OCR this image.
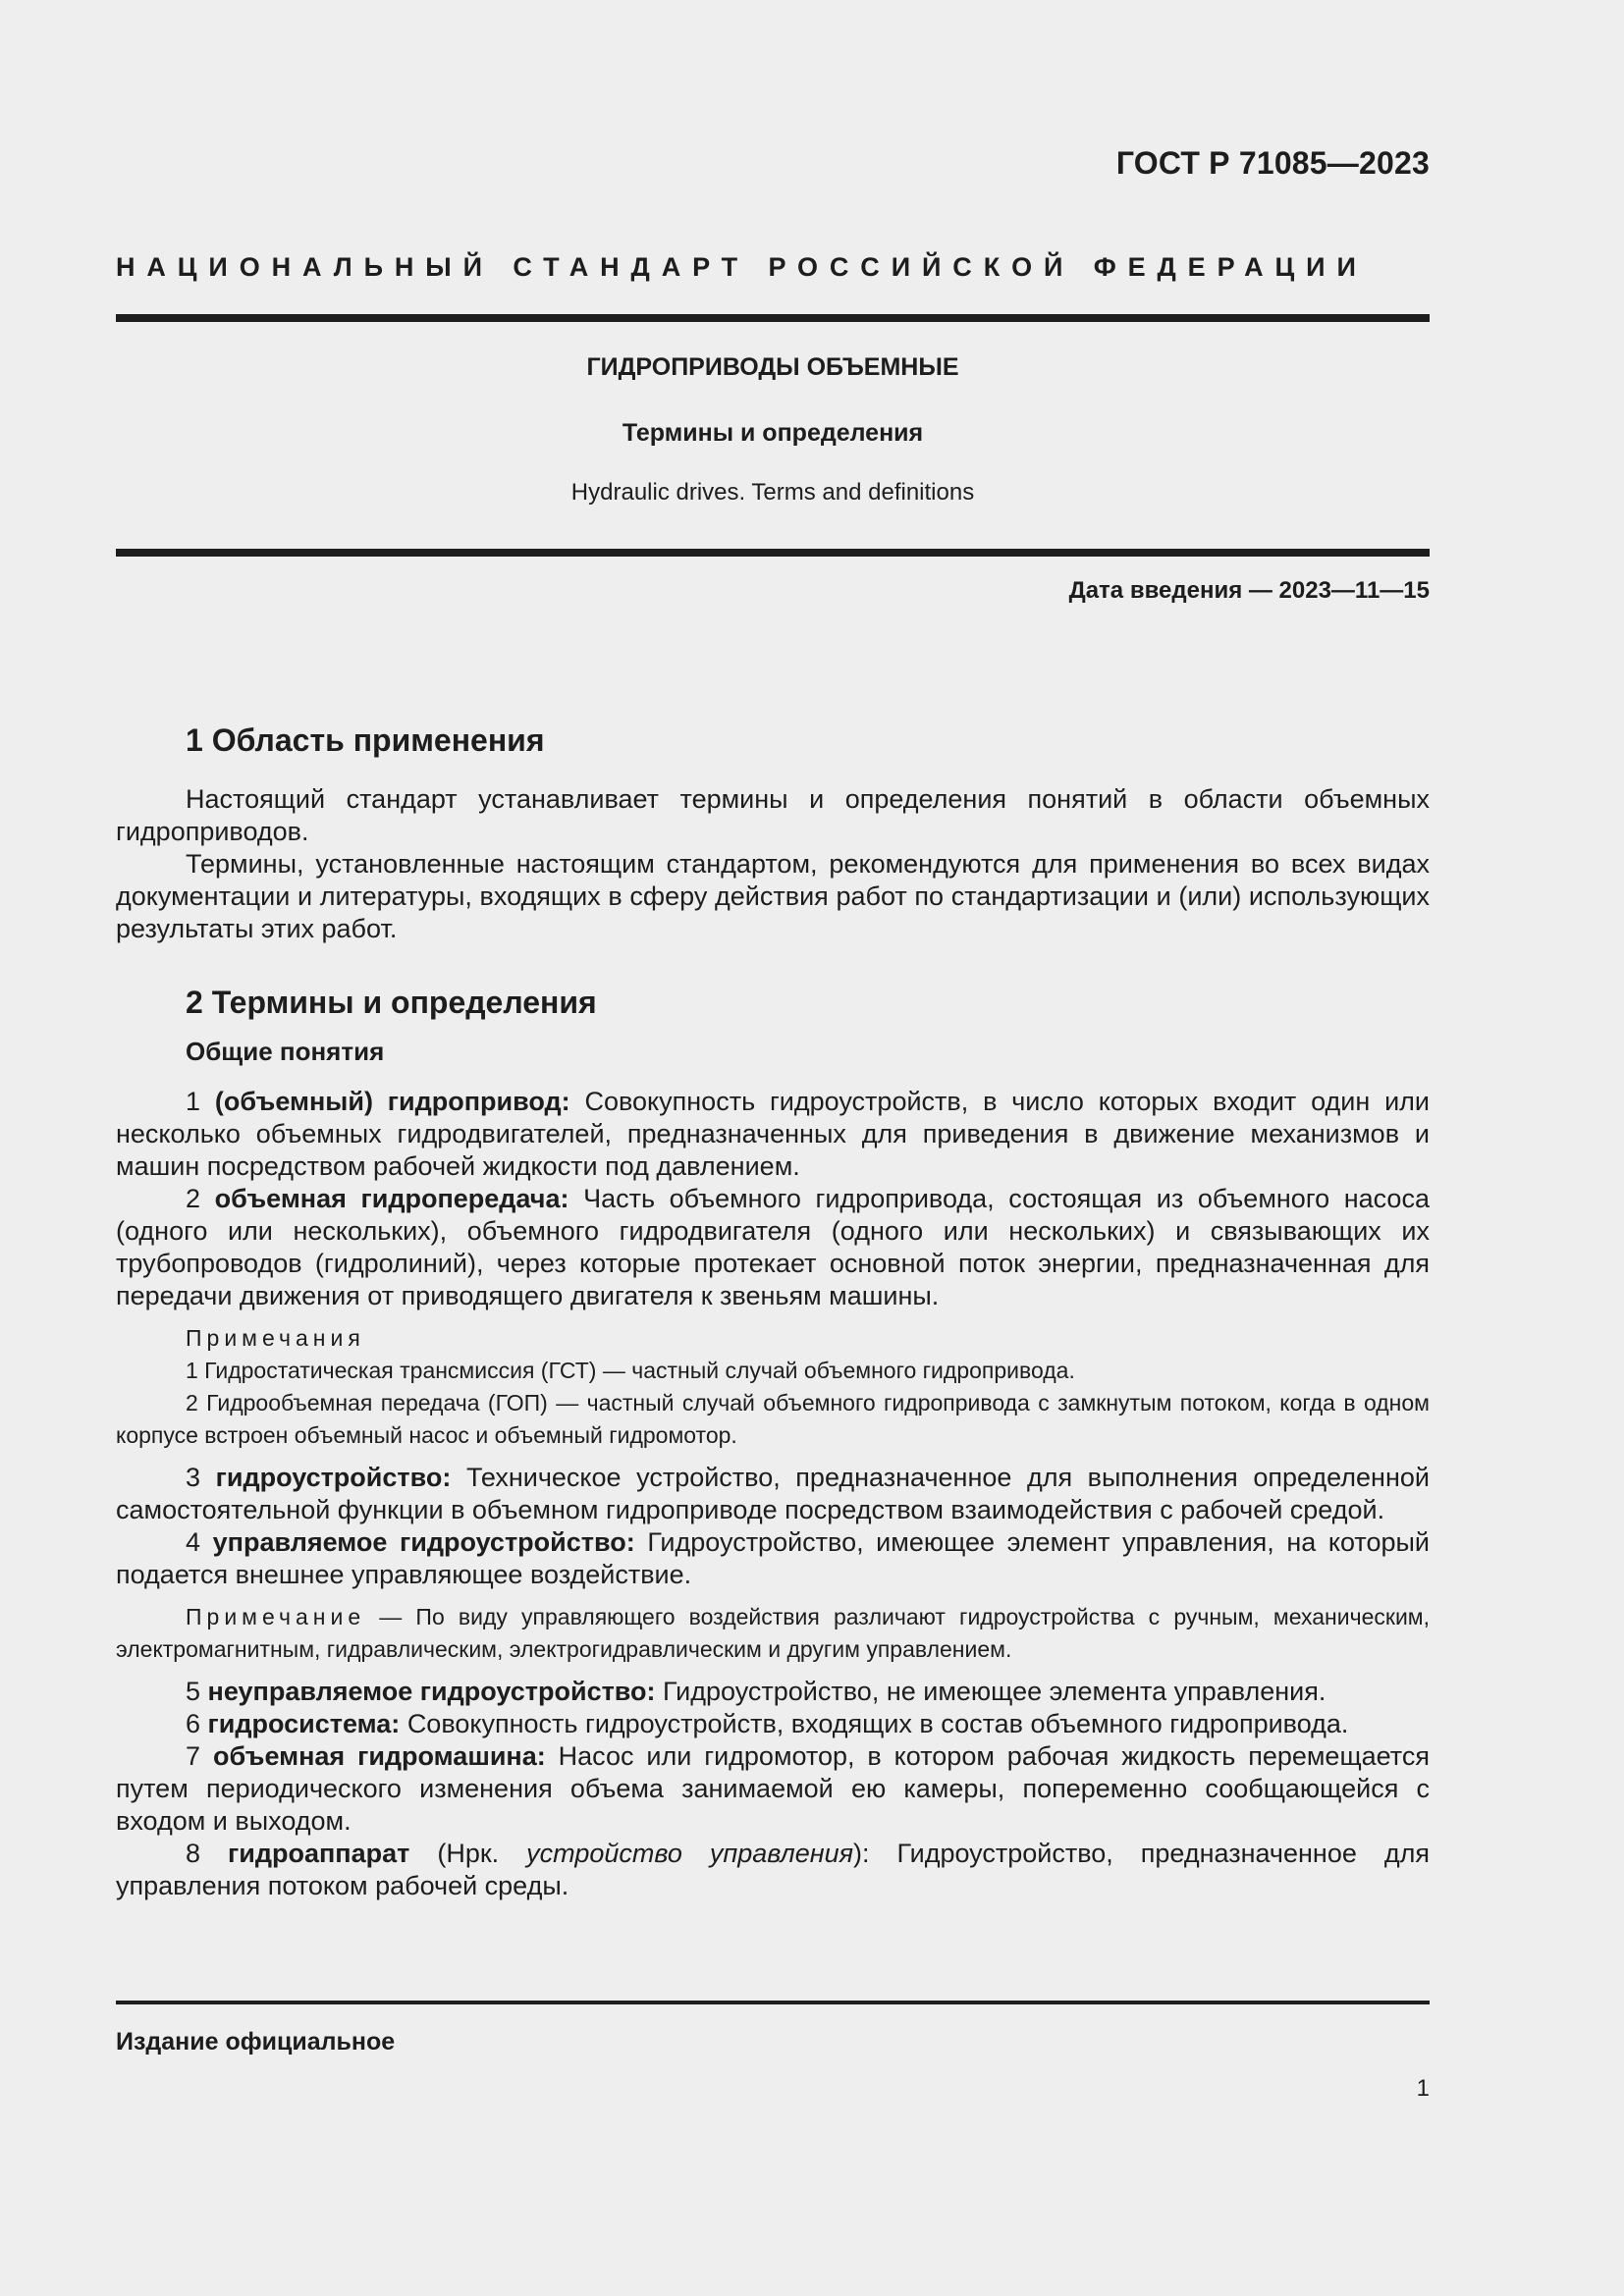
ГОСТ Р 71085—2023
НАЦИОНАЛЬНЫЙ СТАНДАРТ РОССИЙСКОЙ ФЕДЕРАЦИИ
ГИДРОПРИВОДЫ ОБЪЕМНЫЕ
Термины и определения
Hydraulic drives. Terms and definitions
Дата введения — 2023—11—15
1 Область применения

Настоящий стандарт устанавливает термины и определения понятий в области объемных гидроприводов.

Термины, установленные настоящим стандартом, рекомендуются для применения во всех видах документации и литературы, входящих в сферу действия работ по стандартизации и (или) использующих результаты этих работ.

2 Термины и определения
Общие понятия

1 (объемный) гидропривод: Совокупность гидроустройств, в число которых входит один или несколько объемных гидродвигателей, предназначенных для приведения в движение механизмов и машин посредством рабочей жидкости под давлением.

2 объемная гидропередача: Часть объемного гидропривода, состоящая из объемного насоса (одного или нескольких), объемного гидродвигателя (одного или нескольких) и связывающих их трубопроводов (гидролиний), через которые протекает основной поток энергии, предназначенная для передачи движения от приводящего двигателя к звеньям машины.

Примечания

1 Гидростатическая трансмиссия (ГСТ) — частный случай объемного гидропривода.

2 Гидрообъемная передача (ГОП) — частный случай объемного гидропривода с замкнутым потоком, когда в одном корпусе встроен объемный насос и объемный гидромотор.

3 гидроустройство: Техническое устройство, предназначенное для выполнения определенной самостоятельной функции в объемном гидроприводе посредством взаимодействия с рабочей средой.

4 управляемое гидроустройство: Гидроустройство, имеющее элемент управления, на который подается внешнее управляющее воздействие.

Примечание — По виду управляющего воздействия различают гидроустройства с ручным, механическим, электромагнитным, гидравлическим, электрогидравлическим и другим управлением.

5 неуправляемое гидроустройство: Гидроустройство, не имеющее элемента управления.

6 гидросистема: Совокупность гидроустройств, входящих в состав объемного гидропривода.

7 объемная гидромашина: Насос или гидромотор, в котором рабочая жидкость перемещается путем периодического изменения объема занимаемой ею камеры, попеременно сообщающейся с входом и выходом.

8 гидроаппарат (Нрк. устройство управления): Гидроустройство, предназначенное для управления потоком рабочей среды.

Издание официальное
1
